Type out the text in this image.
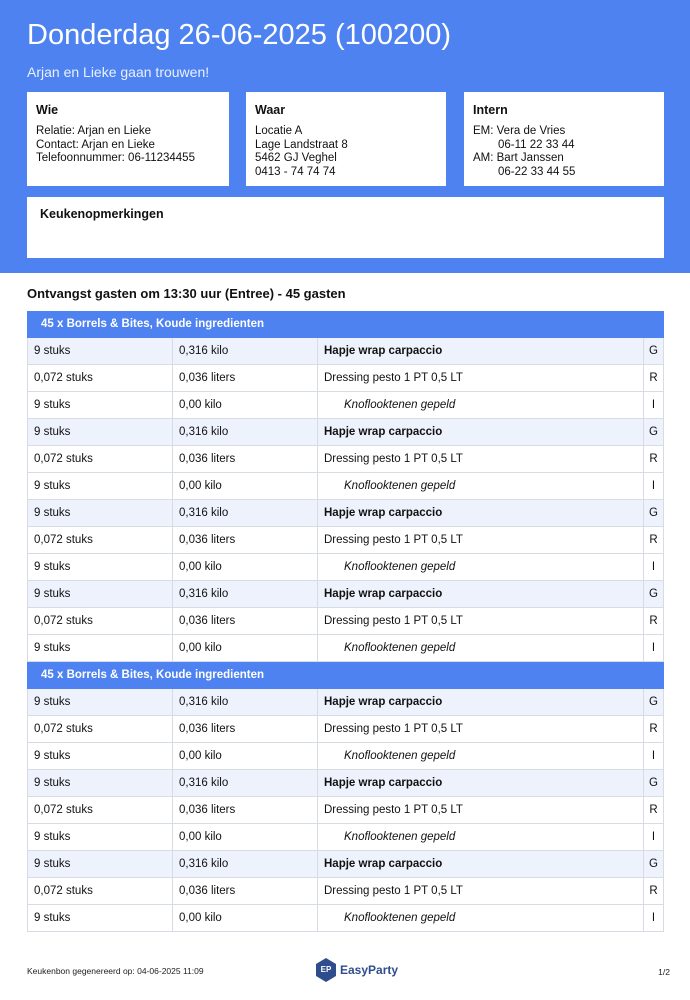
Donderdag 26-06-2025 (100200)
Arjan en Lieke gaan trouwen!
Wie
Relatie: Arjan en Lieke
Contact: Arjan en Lieke
Telefoonnummer: 06-11234455
Waar
Locatie A
Lage Landstraat 8
5462 GJ Veghel
0413 - 74 74 74
Intern
EM: Vera de Vries
06-11 22 33 44
AM: Bart Janssen
06-22 33 44 55
Keukenopmerkingen
Ontvangst gasten om 13:30 uur (Entree) - 45 gasten
45 x Borrels & Bites, Koude ingredienten
9 stuks	0,316 kilo	Hapje wrap carpaccio	G
0,072 stuks	0,036 liters	Dressing pesto 1 PT 0,5 LT	R
9 stuks	0,00 kilo	Knoflooktenen gepeld	I
9 stuks	0,316 kilo	Hapje wrap carpaccio	G
0,072 stuks	0,036 liters	Dressing pesto 1 PT 0,5 LT	R
9 stuks	0,00 kilo	Knoflooktenen gepeld	I
9 stuks	0,316 kilo	Hapje wrap carpaccio	G
0,072 stuks	0,036 liters	Dressing pesto 1 PT 0,5 LT	R
9 stuks	0,00 kilo	Knoflooktenen gepeld	I
9 stuks	0,316 kilo	Hapje wrap carpaccio	G
0,072 stuks	0,036 liters	Dressing pesto 1 PT 0,5 LT	R
9 stuks	0,00 kilo	Knoflooktenen gepeld	I
45 x Borrels & Bites, Koude ingredienten
9 stuks	0,316 kilo	Hapje wrap carpaccio	G
0,072 stuks	0,036 liters	Dressing pesto 1 PT 0,5 LT	R
9 stuks	0,00 kilo	Knoflooktenen gepeld	I
9 stuks	0,316 kilo	Hapje wrap carpaccio	G
0,072 stuks	0,036 liters	Dressing pesto 1 PT 0,5 LT	R
9 stuks	0,00 kilo	Knoflooktenen gepeld	I
9 stuks	0,316 kilo	Hapje wrap carpaccio	G
0,072 stuks	0,036 liters	Dressing pesto 1 PT 0,5 LT	R
9 stuks	0,00 kilo	Knoflooktenen gepeld	I
Keukenbon gegenereerd op: 04-06-2025 11:09	EP EasyParty	1/2
